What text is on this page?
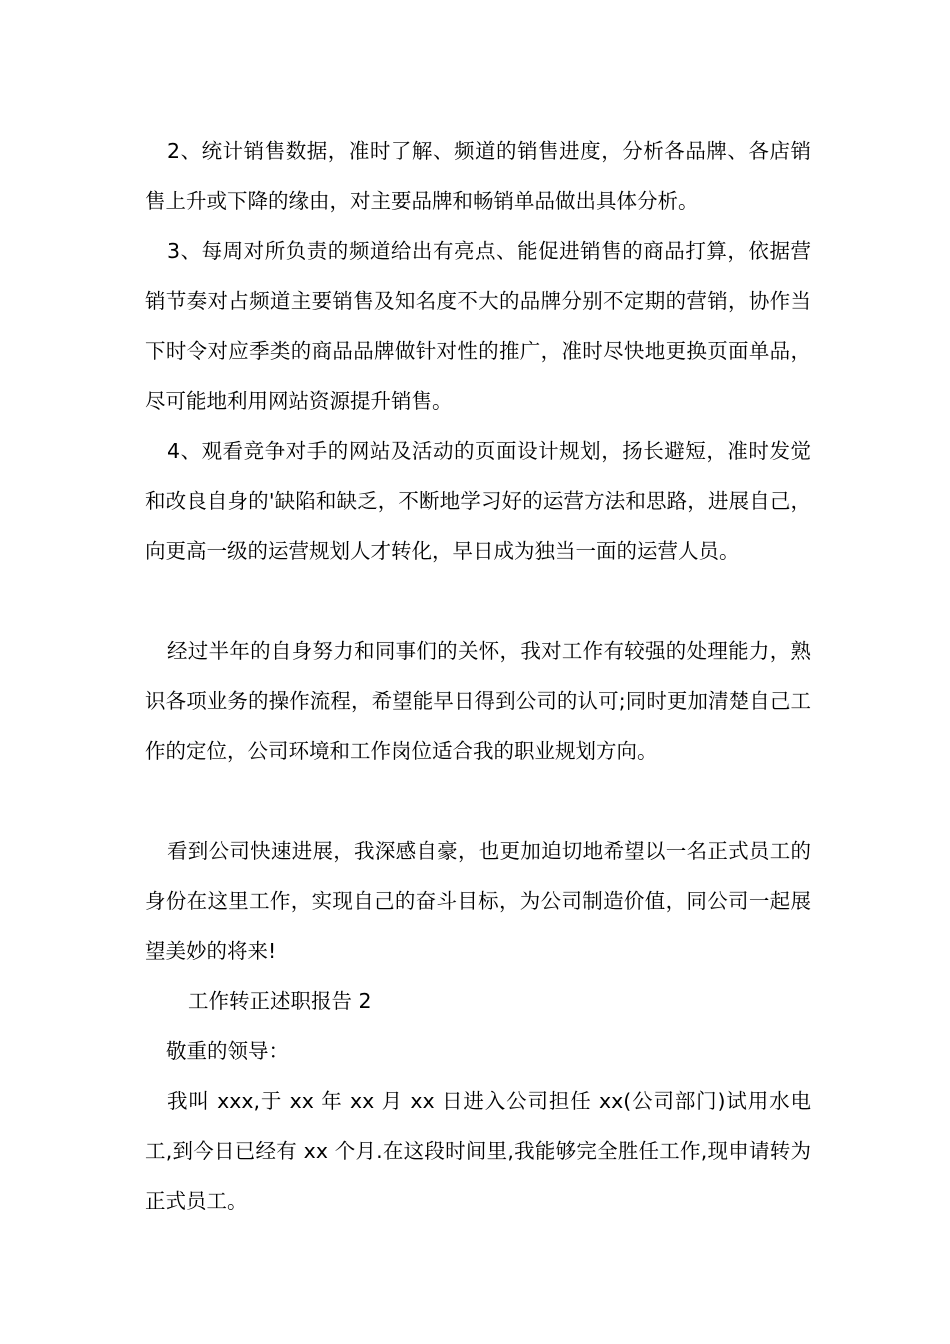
2、统计销售数据，准时了解、频道的销售进度，分析各品牌、各店销售上升或下降的缘由，对主要品牌和畅销单品做出具体分析。

3、每周对所负责的频道给出有亮点、能促进销售的商品打算，依据营销节奏对占频道主要销售及知名度不大的品牌分别不定期的营销，协作当下时令对应季类的商品品牌做针对性的推广，准时尽快地更换页面单品，尽可能地利用网站资源提升销售。

4、观看竞争对手的网站及活动的页面设计规划，扬长避短，准时发觉和改良自身的'缺陷和缺乏，不断地学习好的运营方法和思路，进展自己，向更高一级的运营规划人才转化，早日成为独当一面的运营人员。

经过半年的自身努力和同事们的关怀，我对工作有较强的处理能力，熟识各项业务的操作流程，希望能早日得到公司的认可;同时更加清楚自己工作的定位，公司环境和工作岗位适合我的职业规划方向。

看到公司快速进展，我深感自豪，也更加迫切地希望以一名正式员工的身份在这里工作，实现自己的奋斗目标，为公司制造价值，同公司一起展望美妙的将来!

工作转正述职报告 2

敬重的领导：

我叫 xxx,于 xx 年 xx 月 xx 日进入公司担任 xx(公司部门)试用水电工,到今日已经有 xx 个月.在这段时间里,我能够完全胜任工作,现申请转为正式员工。
